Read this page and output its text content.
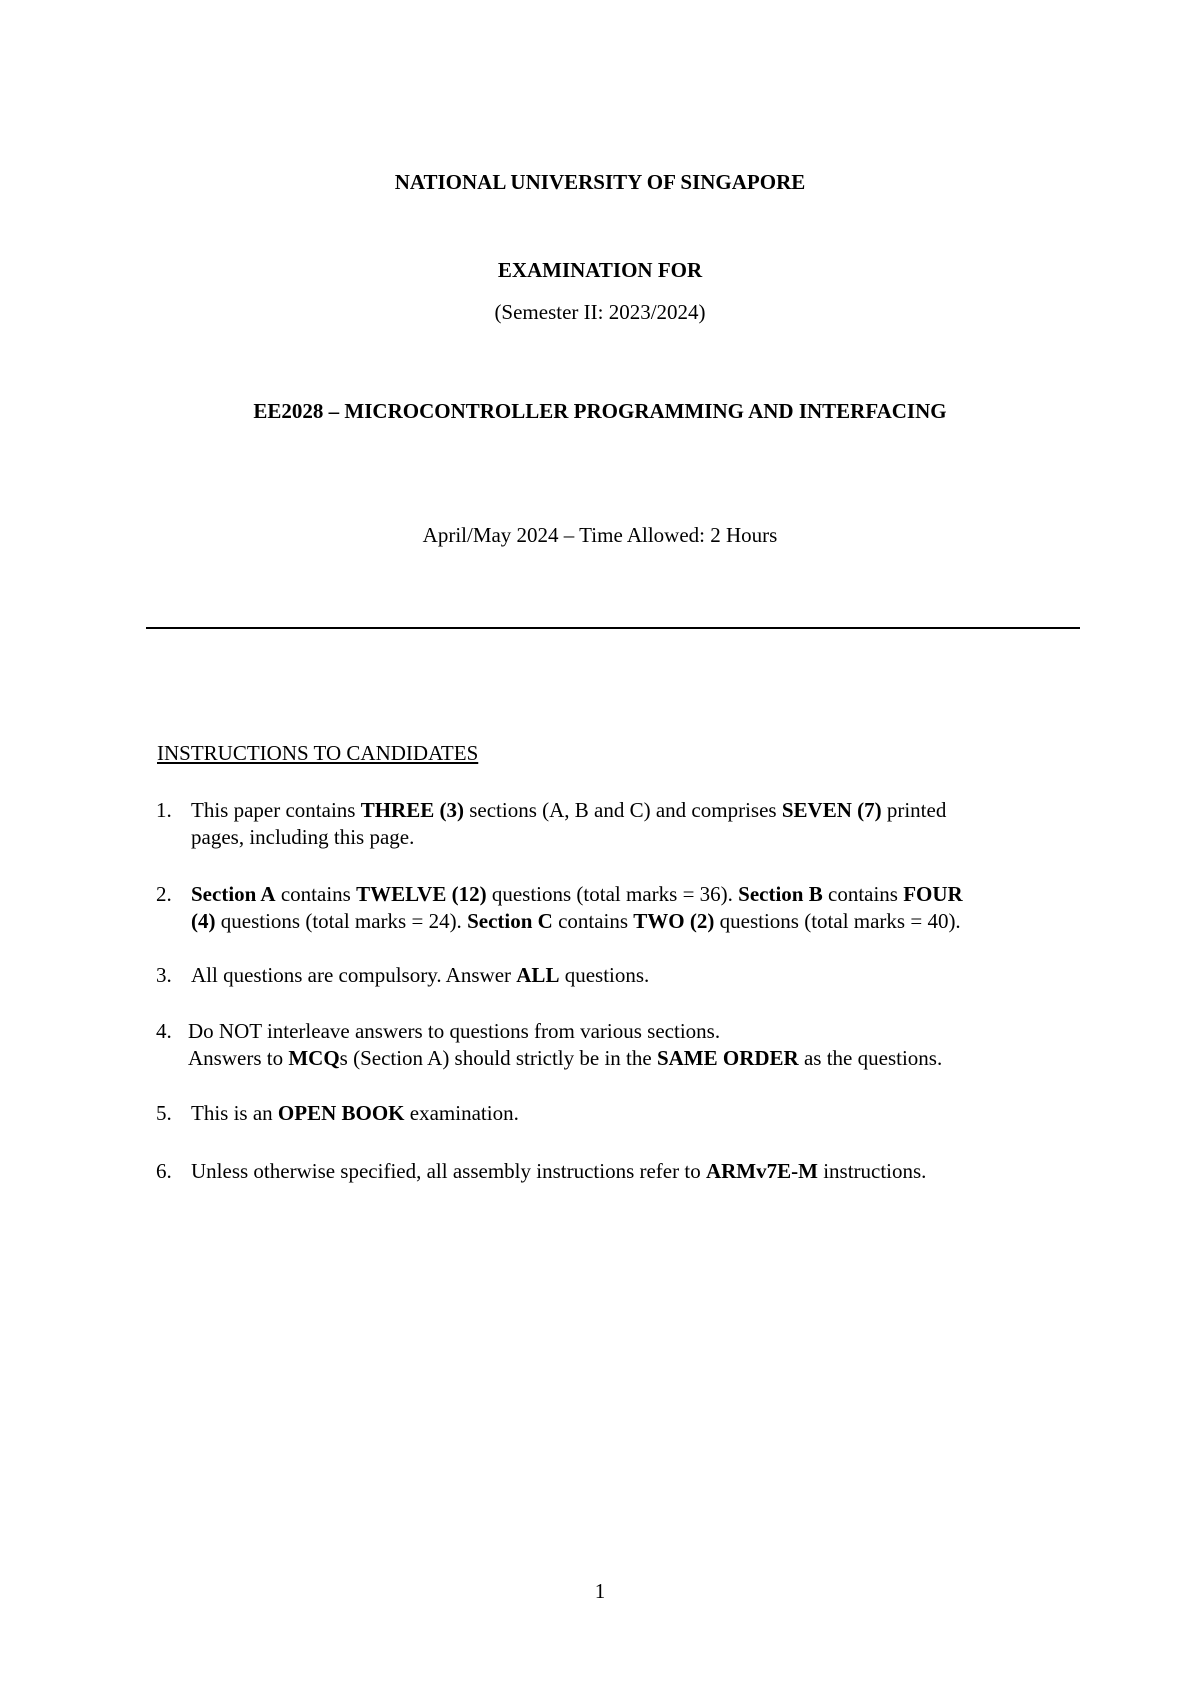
NATIONAL UNIVERSITY OF SINGAPORE
EXAMINATION FOR
(Semester II: 2023/2024)
EE2028 – MICROCONTROLLER PROGRAMMING AND INTERFACING
April/May 2024 – Time Allowed: 2 Hours
INSTRUCTIONS TO CANDIDATES
1. This paper contains THREE (3) sections (A, B and C) and comprises SEVEN (7) printed
pages, including this page.
2. Section A contains TWELVE (12) questions (total marks = 36). Section B contains FOUR
(4) questions (total marks = 24). Section C contains TWO (2) questions (total marks = 40).
3. All questions are compulsory. Answer ALL questions.
4. Do NOT interleave answers to questions from various sections.
Answers to MCQs (Section A) should strictly be in the SAME ORDER as the questions.
5. This is an OPEN BOOK examination.
6. Unless otherwise specified, all assembly instructions refer to ARMv7E-M instructions.
1
